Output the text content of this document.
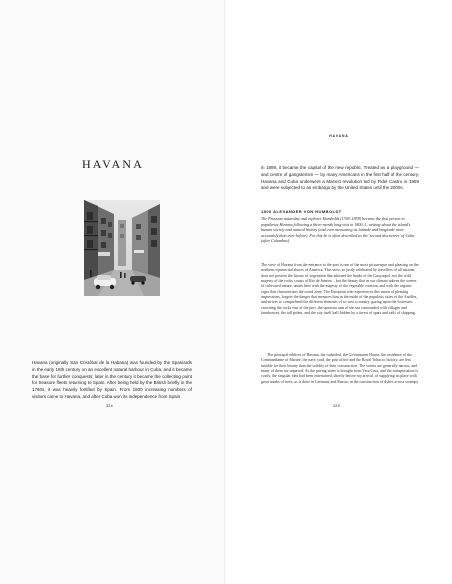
HAVANA

Havana (originally San Cristóbal de la Habana) was founded by the Spaniards in the early 16th century on an excellent natural harbour in Cuba, and it became the base for further conquests; later in the century it became the collecting point for treasure fleets returning to Spain. After being held by the British briefly in the 1760s, it was heavily fortified by Spain. From 1800 increasing numbers of visitors came to Havana, and after Cuba won its independence from Spain

324
HAVANA

in 1898, it became the capital of the new republic. Treated as a playground — and centre of gangsterism — by many Americans in the first half of the century, Havana and Cuba underwent a Marxist revolution led by Fidel Castro in 1959 and were subjected to an embargo by the United States until the 2000s.

1800 ALEXANDER VON HUMBOLDT

The Prussian naturalist and explorer Humboldt (1769–1859) became the first person to popularize Havana following a three-month long visit in 1800–1, writing about the island's human society and natural history (and even measuring its latitude and longitude more accurately than ever before). For this he is often described as the 'second discoverer' of Cuba (after Columbus).

The view of Havana from the entrance to the port is one of the most picturesque and pleasing on the northern equinoctial shores of America. This view, so justly celebrated by travellers of all nations, does not possess the luxury of vegetation that adorned the banks of the Guayaquil, nor the wild majesty of the rocky coasts of Rio de Janeiro... but the beauty that in our climate adorns the scenes of cultivated nature, unites here with the majesty of the vegetable creation, and with the organic vigor that characterizes the torrid zone. The European who experiences this union of pleasing impressions, forgets the danger that menaces him in the midst of the populous cities of the Antilles, and strives to comprehend the different elements of so vast a country, gazing upon the fortresses crowning the rocks east of the port, the spacious arm of the sea surrounded with villages and farmhouses, the tall palms, and the city itself half hidden by a forest of spars and sails of shipping.

The principal edifices of Havana, the cathedral, the Government House, the residence of the Commandante of Marine, the navy yard, the post office and the Royal Tobacco factory, are less notable for their beauty than the solidity of their construction. The streets are generally narrow, and many of them are unpaved. As the paving stone is brought from Vera Cruz, and the transportation is costly, the singular idea had been entertained, shortly before my arrival, of supplying its place with great trunks of trees, as is done in Germany and Russia, in the construction of dykes across swampy

325
